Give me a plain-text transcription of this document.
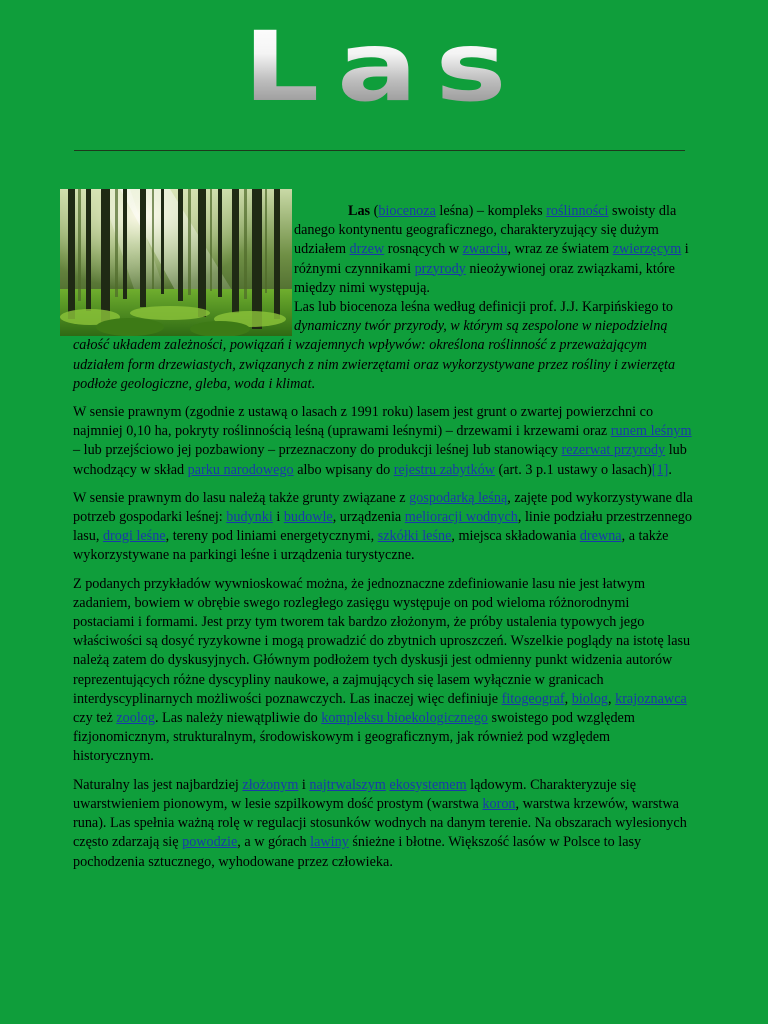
Las

Las (biocenoza leśna) – kompleks roślinności swoisty dla danego kontynentu geograficznego, charakteryzujący się dużym udziałem drzew rosnących w zwarciu, wraz ze światem zwierzęcym i różnymi czynnikami przyrody nieożywionej oraz związkami, które między nimi występują.
Las lub biocenoza leśna według definicji prof. J.J. Karpińskiego to dynamiczny twór przyrody, w którym są zespolone w niepodzielną całość układem zależności, powiązań i wzajemnych wpływów: określona roślinność z przeważającym udziałem form drzewiastych, związanych z nim zwierzętami oraz wykorzystywane przez rośliny i zwierzęta podłoże geologiczne, gleba, woda i klimat.

W sensie prawnym (zgodnie z ustawą o lasach z 1991 roku) lasem jest grunt o zwartej powierzchni co najmniej 0,10 ha, pokryty roślinnością leśną (uprawami leśnymi) – drzewami i krzewami oraz runem leśnym – lub przejściowo jej pozbawiony – przeznaczony do produkcji leśnej lub stanowiący rezerwat przyrody lub wchodzący w skład parku narodowego albo wpisany do rejestru zabytków (art. 3 p.1 ustawy o lasach)[1].

W sensie prawnym do lasu należą także grunty związane z gospodarką leśną, zajęte pod wykorzystywane dla potrzeb gospodarki leśnej: budynki i budowle, urządzenia melioracji wodnych, linie podziału przestrzennego lasu, drogi leśne, tereny pod liniami energetycznymi, szkółki leśne, miejsca składowania drewna, a także wykorzystywane na parkingi leśne i urządzenia turystyczne.

Z podanych przykładów wywnioskować można, że jednoznaczne zdefiniowanie lasu nie jest łatwym zadaniem, bowiem w obrębie swego rozległego zasięgu występuje on pod wieloma różnorodnymi postaciami i formami. Jest przy tym tworem tak bardzo złożonym, że próby ustalenia typowych jego właściwości są dosyć ryzykowne i mogą prowadzić do zbytnich uproszczeń. Wszelkie poglądy na istotę lasu należą zatem do dyskusyjnych. Głównym podłożem tych dyskusji jest odmienny punkt widzenia autorów reprezentujących różne dyscypliny naukowe, a zajmujących się lasem wyłącznie w granicach interdyscyplinarnych możliwości poznawczych. Las inaczej więc definiuje fitogeograf, biolog, krajoznawca czy też zoolog. Las należy niewątpliwie do kompleksu bioekologicznego swoistego pod względem fizjonomicznym, strukturalnym, środowiskowym i geograficznym, jak również pod względem historycznym.

Naturalny las jest najbardziej złożonym i najtrwalszym ekosystemem lądowym. Charakteryzuje się uwarstwieniem pionowym, w lesie szpilkowym dość prostym (warstwa koron, warstwa krzewów, warstwa runa). Las spełnia ważną rolę w regulacji stosunków wodnych na danym terenie. Na obszarach wylesionych często zdarzają się powodzie, a w górach lawiny śnieżne i błotne. Większość lasów w Polsce to lasy pochodzenia sztucznego, wyhodowane przez człowieka.
